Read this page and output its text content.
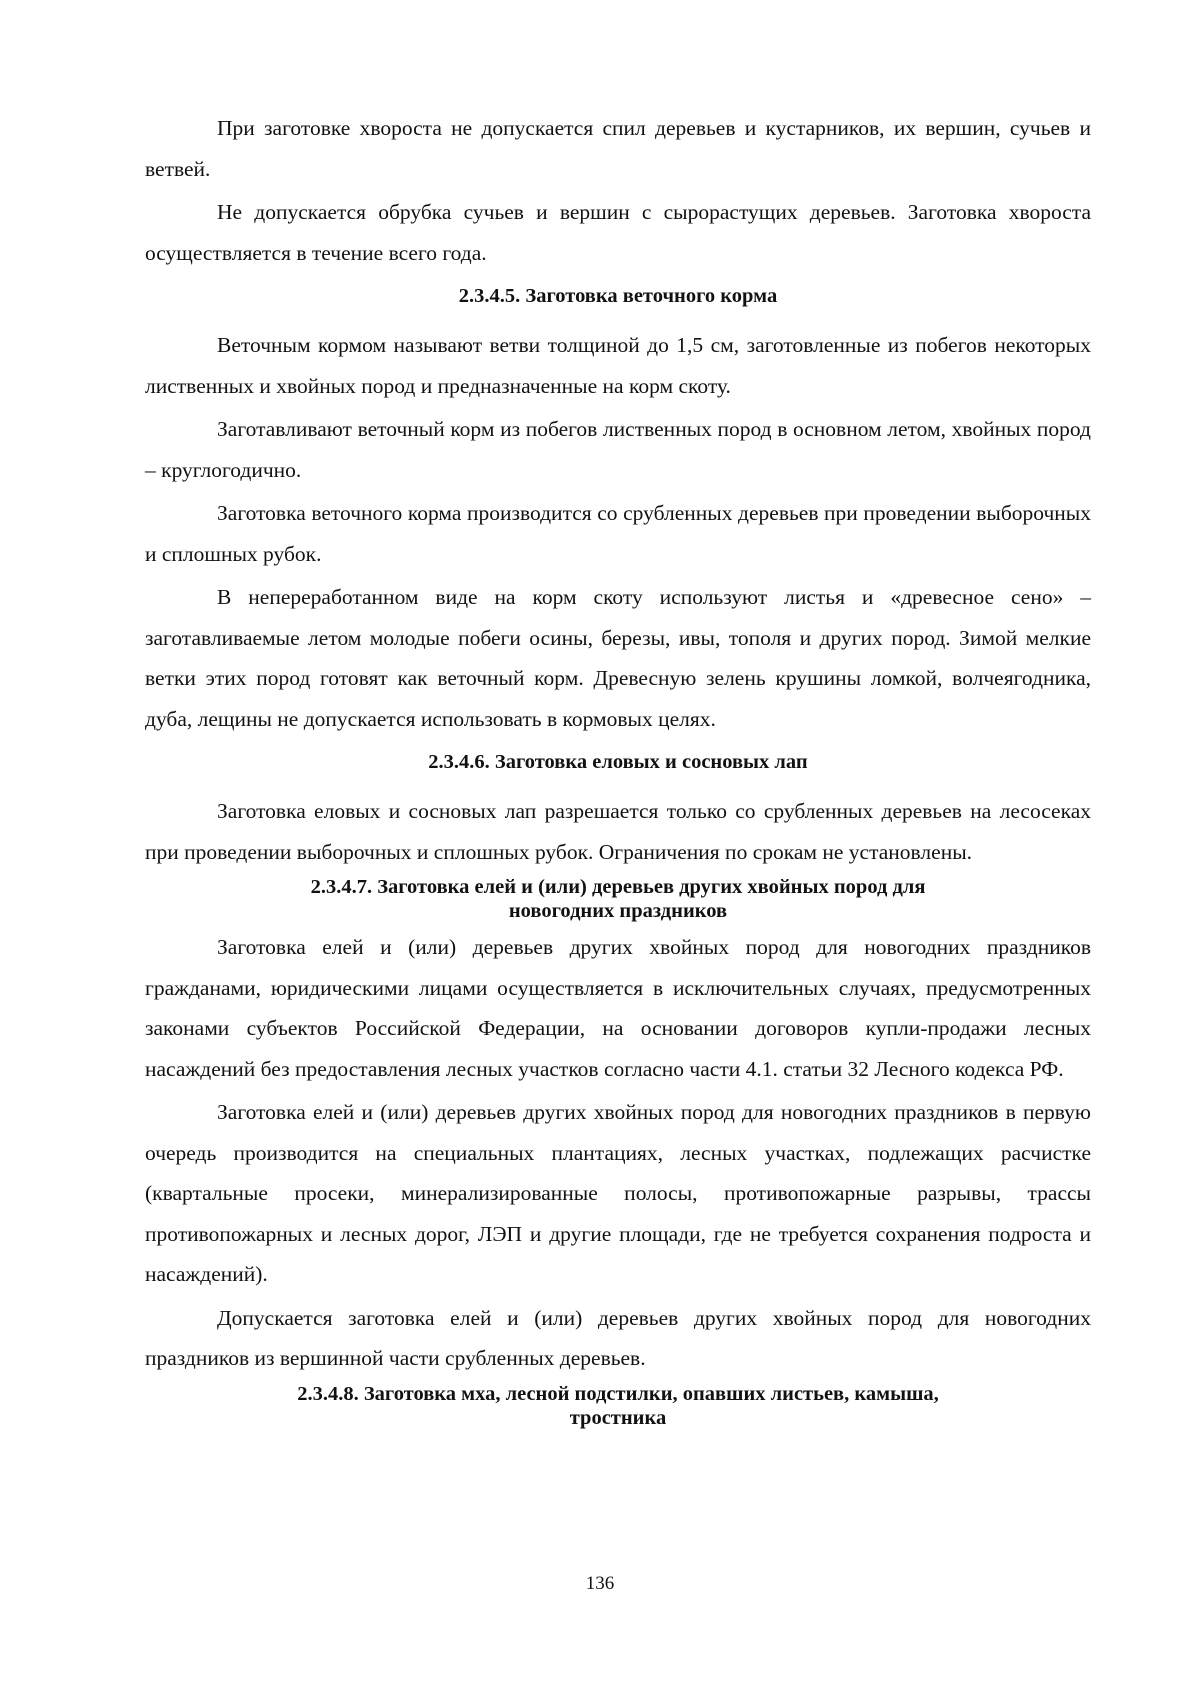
При заготовке хвороста не допускается спил деревьев и кустарников, их вершин, сучьев и ветвей.

Не допускается обрубка сучьев и вершин с сырорастущих деревьев. Заготовка хвороста осуществляется в течение всего года.

2.3.4.5. Заготовка веточного корма

Веточным кормом называют ветви толщиной до 1,5 см, заготовленные из побегов некоторых лиственных и хвойных пород и предназначенные на корм скоту.

Заготавливают веточный корм из побегов лиственных пород в основном летом, хвойных пород – круглогодично.

Заготовка веточного корма производится со срубленных деревьев при проведении выборочных и сплошных рубок.

В непереработанном виде на корм скоту используют листья и «древесное сено» – заготавливаемые летом молодые побеги осины, березы, ивы, тополя и других пород. Зимой мелкие ветки этих пород готовят как веточный корм. Древесную зелень крушины ломкой, волчеягодника, дуба, лещины не допускается использовать в кормовых целях.

2.3.4.6. Заготовка еловых и сосновых лап

Заготовка еловых и сосновых лап разрешается только со срубленных деревьев на лесосеках при проведении выборочных и сплошных рубок. Ограничения по срокам не установлены.

2.3.4.7. Заготовка елей и (или) деревьев других хвойных пород для
новогодних праздников

Заготовка елей и (или) деревьев других хвойных пород для новогодних праздников гражданами, юридическими лицами осуществляется в исключительных случаях, предусмотренных законами субъектов Российской Федерации, на основании договоров купли-продажи лесных насаждений без предоставления лесных участков согласно части 4.1. статьи 32 Лесного кодекса РФ.

Заготовка елей и (или) деревьев других хвойных пород для новогодних праздников в первую очередь производится на специальных плантациях, лесных участках, подлежащих расчистке (квартальные просеки, минерализированные полосы, противопожарные разрывы, трассы противопожарных и лесных дорог, ЛЭП и другие площади, где не требуется сохранения подроста и насаждений).

Допускается заготовка елей и (или) деревьев других хвойных пород для новогодних праздников из вершинной части срубленных деревьев.

2.3.4.8. Заготовка мха, лесной подстилки, опавших листьев, камыша,
тростника
136
